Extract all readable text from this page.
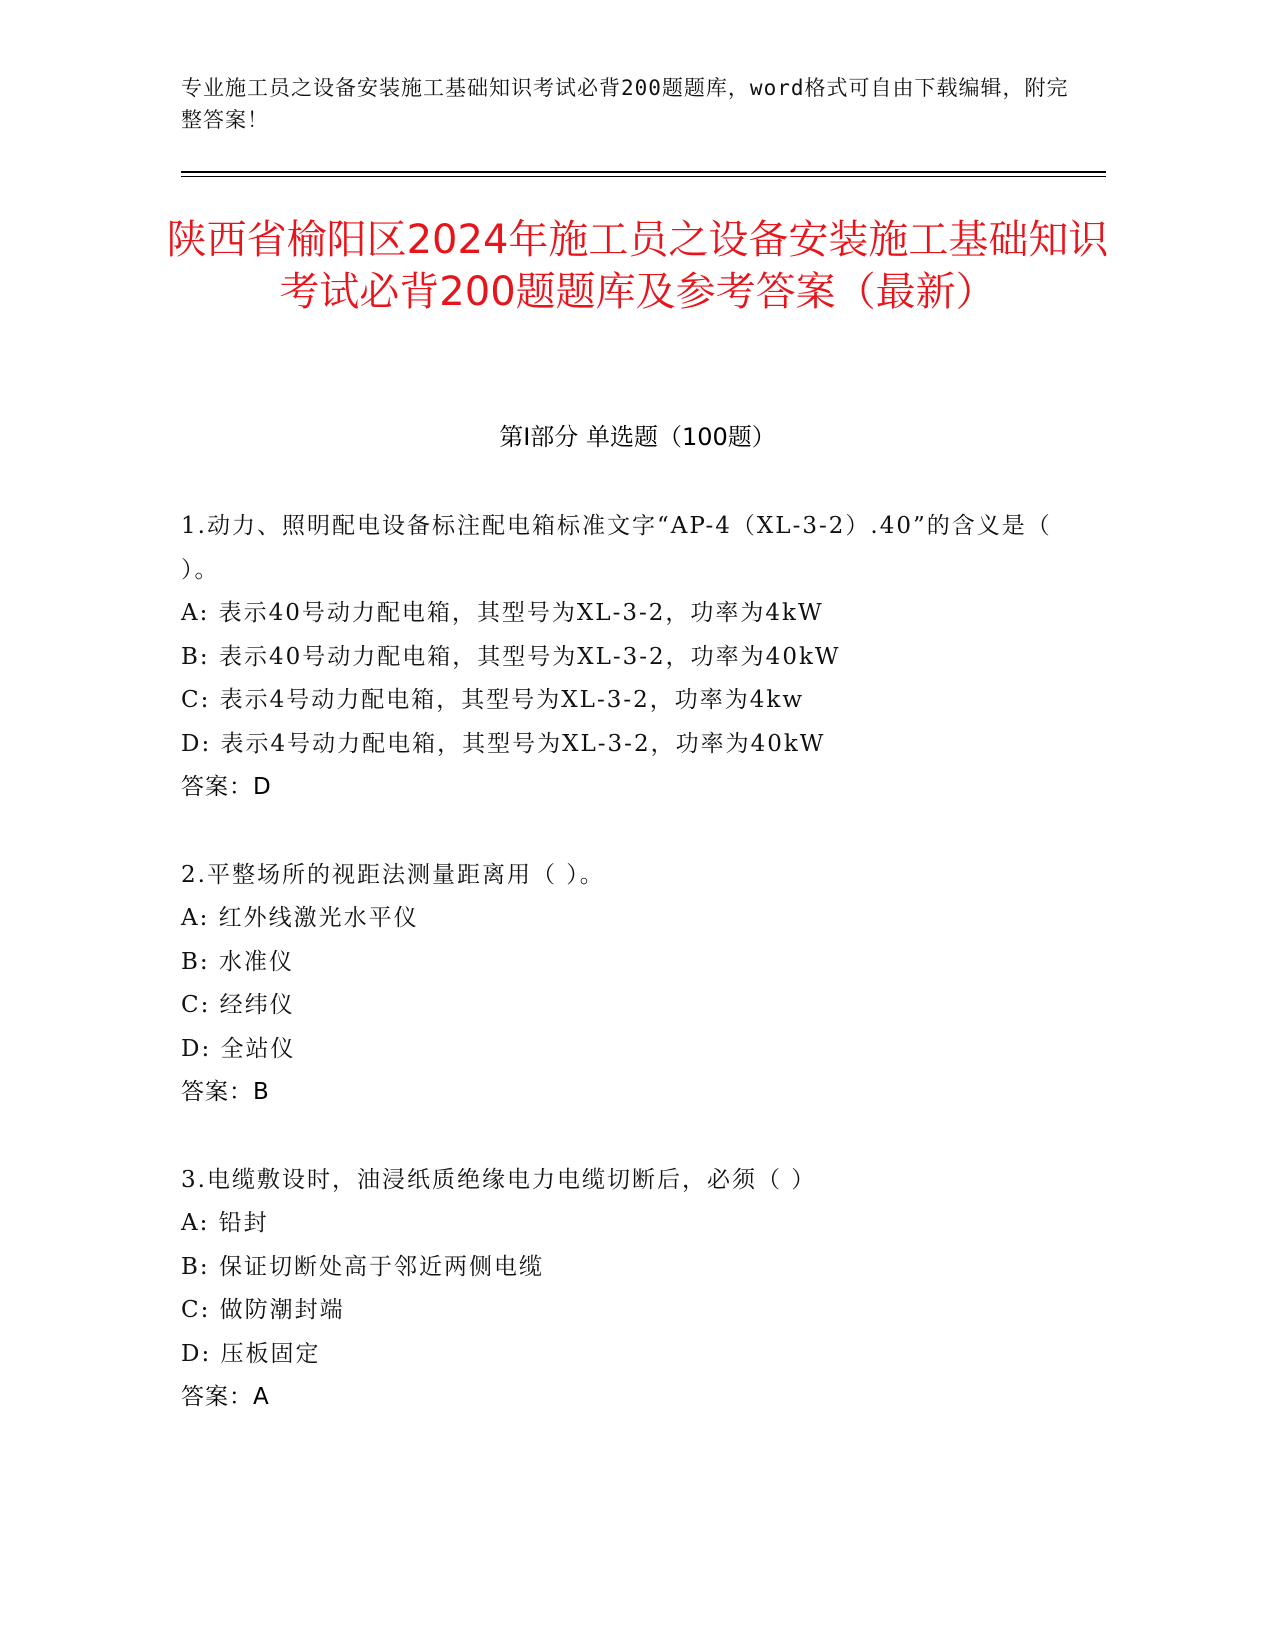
专业施工员之设备安装施工基础知识考试必背200题题库，word格式可自由下载编辑，附完整答案！
陕西省榆阳区2024年施工员之设备安装施工基础知识考试必背200题题库及参考答案（最新）
第I部分 单选题（100题）
1.动力、照明配电设备标注配电箱标准文字“AP-4（XL-3-2）.40”的含义是（ ）。
A: 表示40号动力配电箱，其型号为XL-3-2，功率为4kW
B: 表示40号动力配电箱，其型号为XL-3-2，功率为40kW
C: 表示4号动力配电箱，其型号为XL-3-2，功率为4kw
D: 表示4号动力配电箱，其型号为XL-3-2，功率为40kW
答案：D
2.平整场所的视距法测量距离用（ ）。
A: 红外线激光水平仪
B: 水准仪
C: 经纬仪
D: 全站仪
答案：B
3.电缆敷设时，油浸纸质绝缘电力电缆切断后，必须（ ）
A: 铅封
B: 保证切断处高于邻近两侧电缆
C: 做防潮封端
D: 压板固定
答案：A
